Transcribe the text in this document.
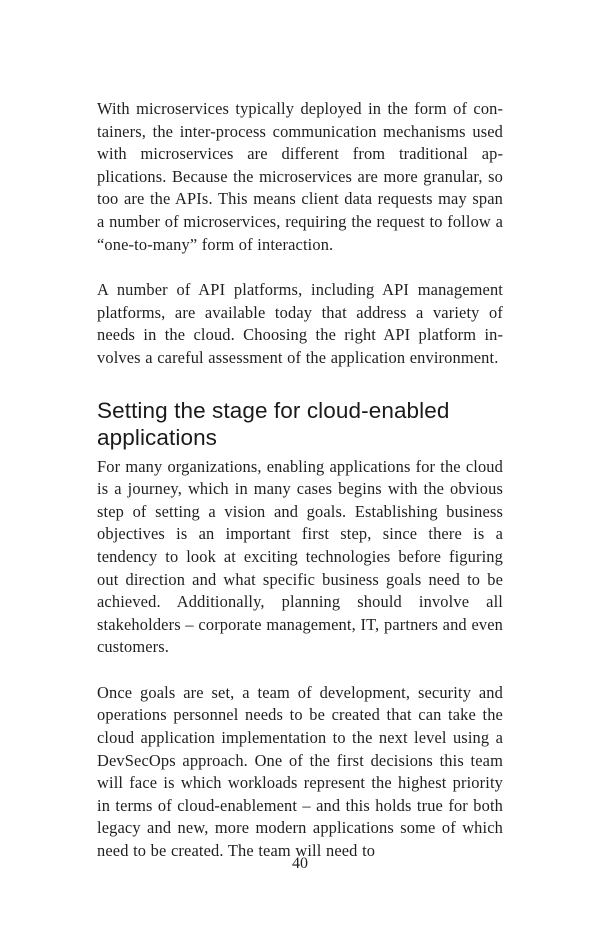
With microservices typically deployed in the form of containers, the inter-process communication mechanisms used with microservices are different from traditional applications. Because the microservices are more granular, so too are the APIs. This means client data requests may span a number of microservices, requiring the request to follow a “one-to-many” form of interaction.

A number of API platforms, including API management platforms, are available today that address a variety of needs in the cloud. Choosing the right API platform involves a careful assessment of the application environment.

Setting the stage for cloud-enabled applications

For many organizations, enabling applications for the cloud is a journey, which in many cases begins with the obvious step of setting a vision and goals. Establishing business objectives is an important first step, since there is a tendency to look at exciting technologies before figuring out direction and what specific business goals need to be achieved. Additionally, planning should involve all stakeholders – corporate management, IT, partners and even customers.

Once goals are set, a team of development, security and operations personnel needs to be created that can take the cloud application implementation to the next level using a DevSecOps approach. One of the first decisions this team will face is which workloads represent the highest priority in terms of cloud-enablement – and this holds true for both legacy and new, more modern applications some of which need to be created. The team will need to

40
